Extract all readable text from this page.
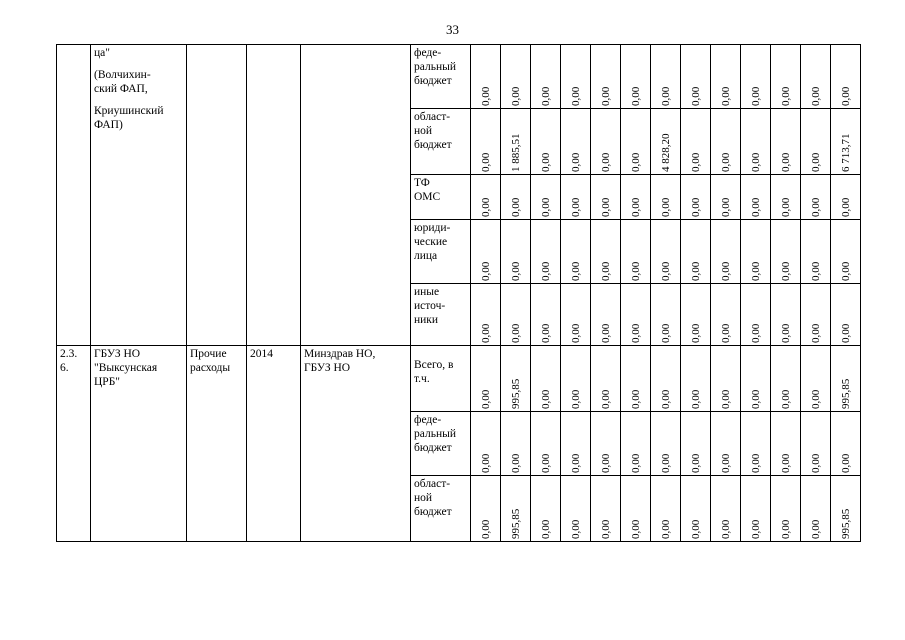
33

	ца"
(Волчихин-
ский ФАП,
Криушинский
ФАП)				феде-
ральный
бюджет	0,00	0,00	0,00	0,00	0,00	0,00	0,00	0,00	0,00	0,00	0,00	0,00	0,00

					област-
ной
бюджет	0,00	1 885,51	0,00	0,00	0,00	0,00	4 828,20	0,00	0,00	0,00	0,00	0,00	6 713,71

					ТФ
ОМС	0,00	0,00	0,00	0,00	0,00	0,00	0,00	0,00	0,00	0,00	0,00	0,00	0,00

					юриди-
ческие
лица	0,00	0,00	0,00	0,00	0,00	0,00	0,00	0,00	0,00	0,00	0,00	0,00	0,00

					иные
источ-
ники	0,00	0,00	0,00	0,00	0,00	0,00	0,00	0,00	0,00	0,00	0,00	0,00	0,00

2.3.
6.	ГБУЗ НО
"Выксунская
ЦРБ"	Прочие
расходы	2014	Минздрав НО,
ГБУЗ НО	Всего, в
т.ч.	0,00	995,85	0,00	0,00	0,00	0,00	0,00	0,00	0,00	0,00	0,00	0,00	995,85

					феде-
ральный
бюджет	0,00	0,00	0,00	0,00	0,00	0,00	0,00	0,00	0,00	0,00	0,00	0,00	0,00

					област-
ной
бюджет	0,00	995,85	0,00	0,00	0,00	0,00	0,00	0,00	0,00	0,00	0,00	0,00	995,85
